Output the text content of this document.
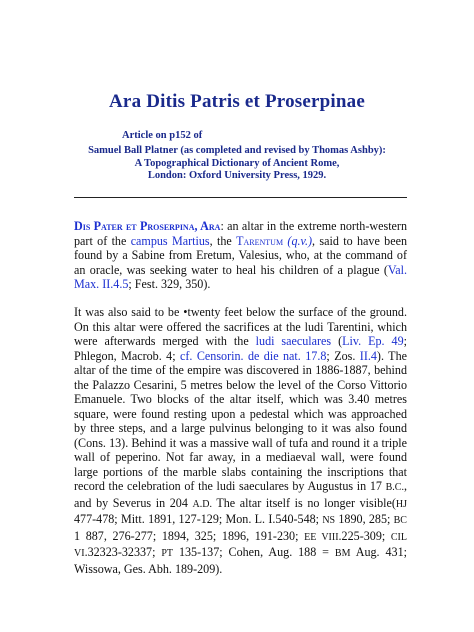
Ara Ditis Patris et Proserpinae
Article on p152 of
Samuel Ball Platner (as completed and revised by Thomas Ashby):
A Topographical Dictionary of Ancient Rome,
London: Oxford University Press, 1929.

Dis Pater et Proserpina, Ara: an altar in the extreme north-western part of the campus Martius, the Tarentum (q.v.), said to have been found by a Sabine from Eretum, Valesius, who, at the command of an oracle, was seeking water to heal his children of a plague (Val. Max. II.4.5; Fest. 329, 350).

It was also said to be •twenty feet below the surface of the ground. On this altar were offered the sacrifices at the ludi Tarentini, which were afterwards merged with the ludi saeculares (Liv. Ep. 49; Phlegon, Macrob. 4; cf. Censorin. de die nat. 17.8; Zos. II.4). The altar of the time of the empire was discovered in 1886-1887, behind the Palazzo Cesarini, 5 metres below the level of the Corso Vittorio Emanuele. Two blocks of the altar itself, which was 3.40 metres square, were found resting upon a pedestal which was approached by three steps, and a large pulvinus belonging to it was also found (Cons. 13). Behind it was a massive wall of tufa and round it a triple wall of peperino. Not far away, in a mediaeval wall, were found large portions of the marble slabs containing the inscriptions that record the celebration of the ludi saeculares by Augustus in 17 B.C., and by Severus in 204 A.D. The altar itself is no longer visible(HJ 477-478; Mitt. 1891, 127-129; Mon. L. I.540-548; NS 1890, 285; BC 1 887, 276-277; 1894, 325; 1896, 191-230; EE VIII.225-309; CIL VI.32323-32337; PT 135-137; Cohen, Aug. 188 = BM Aug. 431; Wissowa, Ges. Abh. 189-209).
